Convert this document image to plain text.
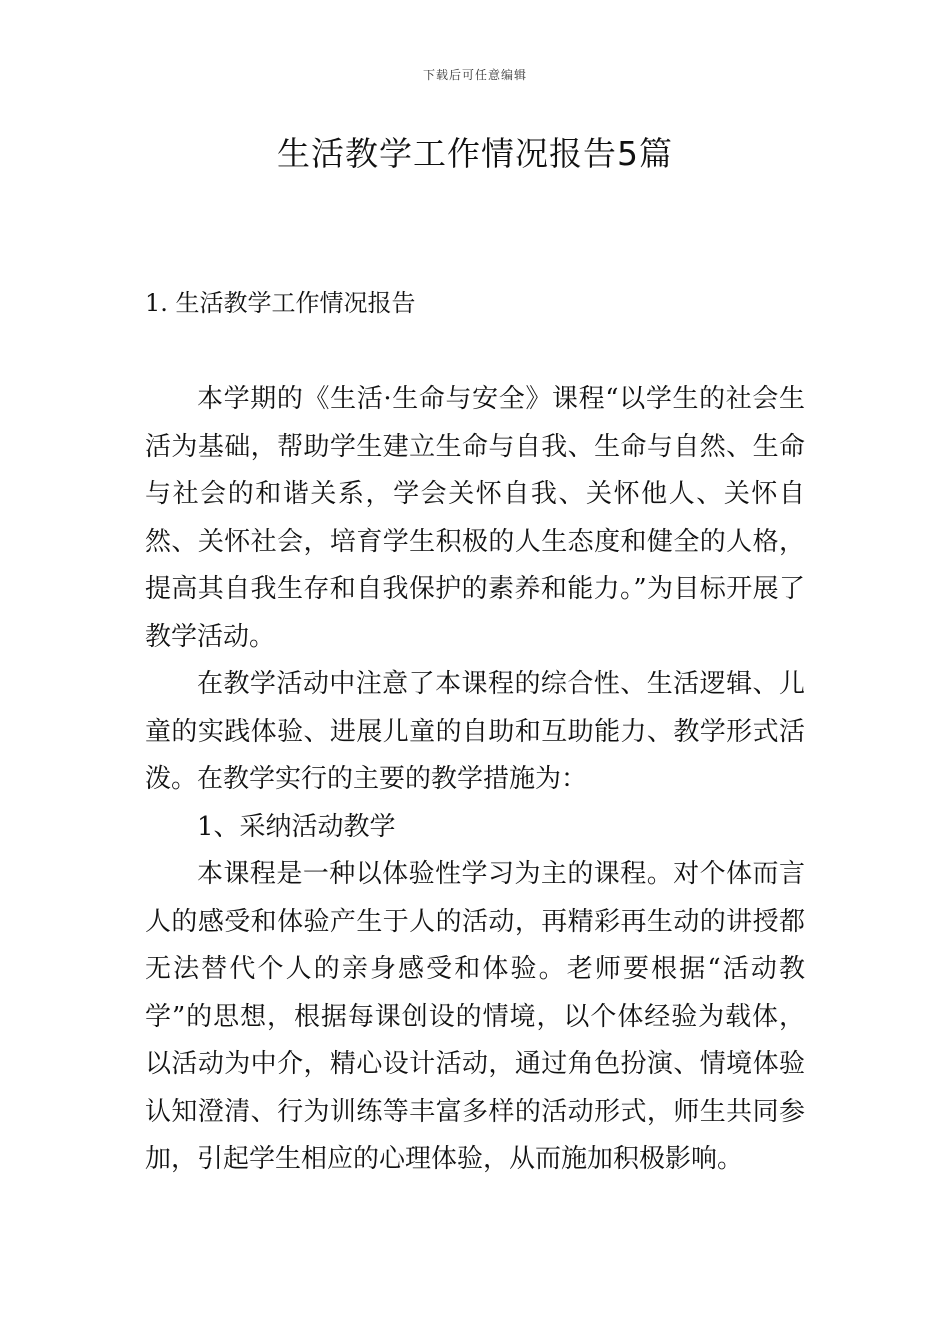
下载后可任意编辑
生活教学工作情况报告5篇
1. 生活教学工作情况报告

本学期的《生活·生命与安全》课程“以学生的社会生活为基础，帮助学生建立生命与自我、生命与自然、生命与社会的和谐关系，学会关怀自我、关怀他人、关怀自然、关怀社会，培育学生积极的人生态度和健全的人格，提高其自我生存和自我保护的素养和能力。”为目标开展了教学活动。

在教学活动中注意了本课程的综合性、生活逻辑、儿童的实践体验、进展儿童的自助和互助能力、教学形式活泼。在教学实行的主要的教学措施为：

1、采纳活动教学

本课程是一种以体验性学习为主的课程。对个体而言人的感受和体验产生于人的活动，再精彩再生动的讲授都无法替代个人的亲身感受和体验。老师要根据“活动教学”的思想，根据每课创设的情境，以个体经验为载体，以活动为中介，精心设计活动，通过角色扮演、情境体验认知澄清、行为训练等丰富多样的活动形式，师生共同参加，引起学生相应的心理体验，从而施加积极影响。
